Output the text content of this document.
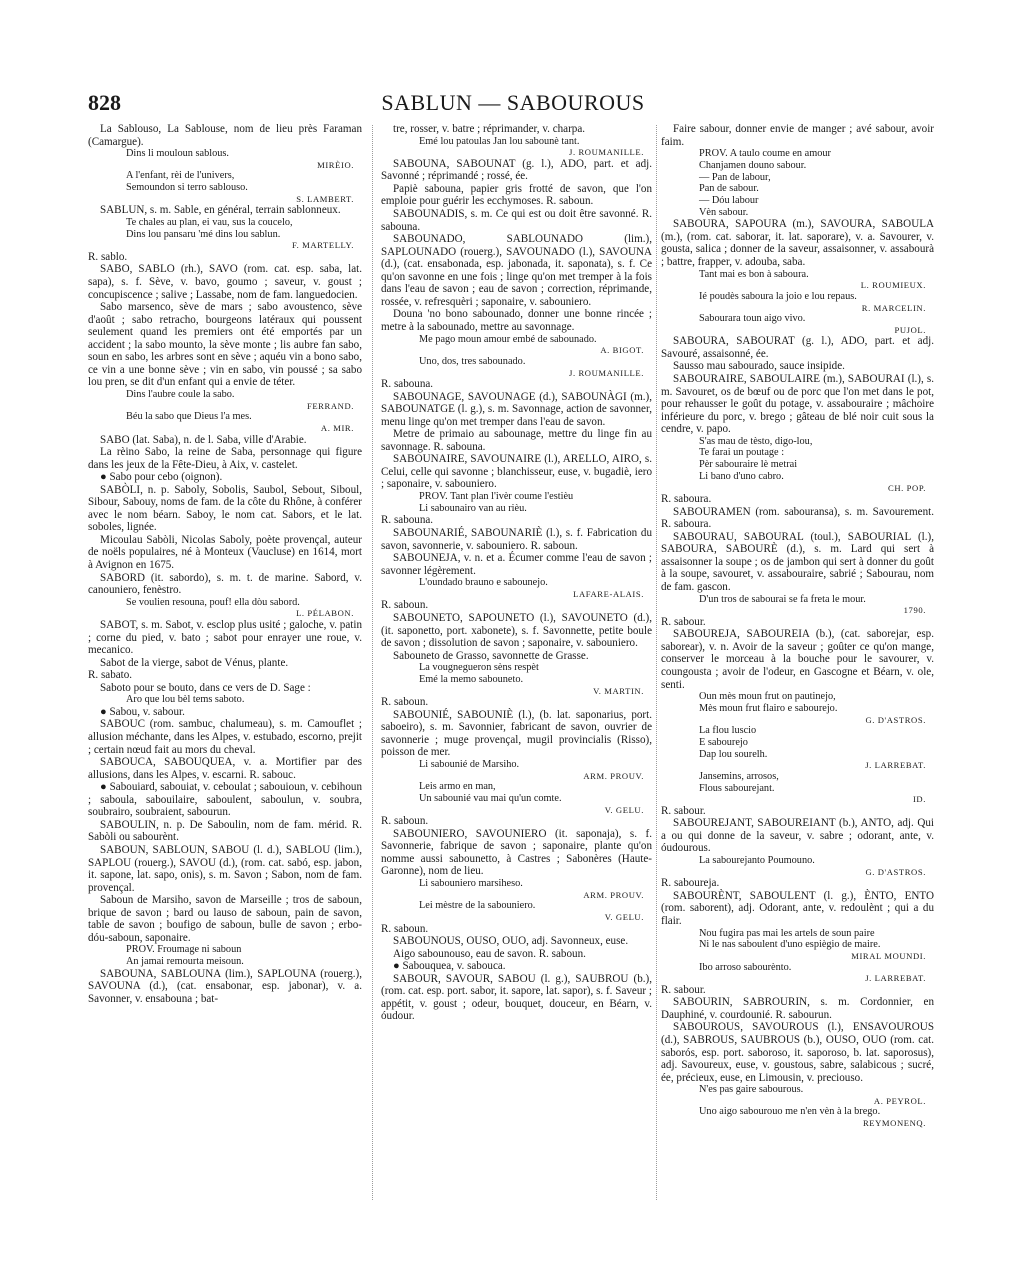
828	SABLUN — SABOUROUS
La Sablouso, La Sablouse, nom de lieu près Faraman (Camargue).
Dins li mouloun sablous.
MIRÈIO.
A l'enfant, rèi de l'univers,
Semoundon si terro sablouso.
S. LAMBERT.
SABLUN, s. m. Sable, en général, terrain sablonneux.
Te chales au plan, ei vau, sus la coucelo,
Dins lou pansaru 'mé dins lou sablun.
F. MARTELLY.
R. sablo.
SABO, SABLO (rh.), SAVO (rom. cat. esp. saba, lat. sapa), s. f. Sève, v. bavo, goumo ; saveur, v. goust ; concupiscence ; salive ; Lassabe, nom de fam. languedocien.
Sabo marsenco, sève de mars ; sabo avoustenco, sève d'août ; sabo retracho, bourgeons latéraux qui poussent seulement quand les premiers ont été emportés par un accident ; la sabo mounto, la sève monte ; lis aubre fan sabo, soun en sabo, les arbres sont en sève ; aquéu vin a bono sabo, ce vin a une bonne sève ; vin en sabo, vin poussé ; sa sabo lou pren, se dit d'un enfant qui a envie de téter.
Dins l'aubre coule la sabo.
FERRAND.
Béu la sabo que Dieus l'a mes.
A. MIR.
SABO (lat. Saba), n. de l. Saba, ville d'Arabie.
La rèino Sabo, la reine de Saba, personnage qui figure dans les jeux de la Fête-Dieu, à Aix, v. castelet.
● Sabo pour cebo (oignon).
SABÒLI, n. p. Saboly, Sobolis, Saubol, Sebout, Siboul, Sibour, Sabouy, noms de fam. de la côte du Rhône, à conférer avec le nom béarn. Saboy, le nom cat. Sabors, et le lat. soboles, lignée.
Micoulau Sabòli, Nicolas Saboly, poète provençal, auteur de noëls populaires, né à Monteux (Vaucluse) en 1614, mort à Avignon en 1675.
SABORD (it. sabordo), s. m. t. de marine. Sabord, v. canouniero, fenèstro.
Se voulien resouna, pouf! ella dòu sabord.
L. PÉLABON.
SABOT, s. m. Sabot, v. esclop plus usité ; galoche, v. patin ; corne du pied, v. bato ; sabot pour enrayer une roue, v. mecanico.
Sabot de la vierge, sabot de Vénus, plante.
R. sabato.
Saboto pour se bouto, dans ce vers de D. Sage :
Aro que lou bèl tems saboto.
● Sabou, v. sabour.
SABOUC (rom. sambuc, chalumeau), s. m. Camouflet ; allusion méchante, dans les Alpes, v. estubado, escorno, prejit ; certain nœud fait au mors du cheval.
SABOUCA, SABOUQUEA, v. a. Mortifier par des allusions, dans les Alpes, v. escarni. R. sabouc.
● Sabouiard, sabouiat, v. ceboulat ; sabouioun, v. cebihoun ; saboula, sabouilaire, saboulent, saboulun, v. soubra, soubrairo, soubraient, sabourun.
SABOULIN, n. p. De Saboulin, nom de fam. mérid. R. Sabòli ou sabourènt.
SABOUN, SABLOUN, SABOU (l. d.), SABLOU (lim.), SAPLOU (rouerg.), SAVOU (d.), (rom. cat. sabó, esp. jabon, it. sapone, lat. sapo, onis), s. m. Savon ; Sabon, nom de fam. provençal.
Saboun de Marsiho, savon de Marseille ; tros de saboun, brique de savon ; bard ou lauso de saboun, pain de savon, table de savon ; boufigo de saboun, bulle de savon ; erbo-dóu-saboun, saponaire.
PROV. Froumage ni saboun
An jamai remourta meisoun.
SABOUNA, SABLOUNA (lim.), SAPLOUNA (rouerg.), SAVOUNA (d.), (cat. ensabonar, esp. jabonar), v. a. Savonner, v. ensabouna ; bat-
tre, rosser, v. batre ; réprimander, v. charpa.
Emé lou patoulas Jan lou sabounè tant.
J. ROUMANILLE.
SABOUNA, SABOUNAT (g. l.), ADO, part. et adj. Savonné ; réprimandé ; rossé, ée.
Papiè sabouna, papier gris frotté de savon, que l'on emploie pour guérir les ecchymoses. R. saboun.
SABOUNADIS, s. m. Ce qui est ou doit être savonné. R. sabouna.
SABOUNADO, SABLOUNADO (lim.), SAPLOUNADO (rouerg.), SAVOUNADO (l.), SAVOUNA (d.), (cat. ensabonada, esp. jabonada, it. saponata), s. f. Ce qu'on savonne en une fois ; linge qu'on met tremper à la fois dans l'eau de savon ; eau de savon ; correction, réprimande, rossée, v. refresquèri ; saponaire, v. sabouniero.
Douna 'no bono sabounado, donner une bonne rincée ; metre à la sabounado, mettre au savonnage.
Me pago moun amour embé de sabounado.
A. BIGOT.
Uno, dos, tres sabounado.
J. ROUMANILLE.
R. sabouna.
SABOUNAGE, SAVOUNAGE (d.), SABOUNÀGI (m.), SABOUNATGE (l. g.), s. m. Savonnage, action de savonner, menu linge qu'on met tremper dans l'eau de savon.
Metre de primaio au sabounage, mettre du linge fin au savonnage. R. sabouna.
SABOUNAIRE, SAVOUNAIRE (l.), ARELLO, AIRO, s. Celui, celle qui savonne ; blanchisseur, euse, v. bugadiè, iero ; saponaire, v. sabouniero.
PROV. Tant plan l'ivèr coume l'estièu
Li sabounairo van au rièu.
R. sabouna.
SABOUNARIÉ, SABOUNARIÈ (l.), s. f. Fabrication du savon, savonnerie, v. sabouniero. R. saboun.
SABOUNEJA, v. n. et a. Écumer comme l'eau de savon ; savonner légèrement.
L'oundado brauno e sabounejo.
LAFARE-ALAIS.
R. saboun.
SABOUNETO, SAPOUNETO (l.), SAVOUNETO (d.), (it. saponetto, port. xabonete), s. f. Savonnette, petite boule de savon ; dissolution de savon ; saponaire, v. sabouniero.
Sabouneto de Grasso, savonnette de Grasse.
La vougnegueron sèns respèt
Emé la memo sabouneto.
V. MARTIN.
R. saboun.
SABOUNIÉ, SABOUNIÈ (l.), (b. lat. saponarius, port. saboeiro), s. m. Savonnier, fabricant de savon, ouvrier de savonnerie ; muge provençal, mugil provincialis (Risso), poisson de mer.
Li sabounié de Marsiho.
ARM. PROUV.
Leis armo en man,
Un sabounié vau mai qu'un comte.
V. GELU.
R. saboun.
SABOUNIERO, SAVOUNIERO (it. saponaja), s. f. Savonnerie, fabrique de savon ; saponaire, plante qu'on nomme aussi sabounetto, à Castres ; Sabonères (Haute-Garonne), nom de lieu.
Li sabouniero marsiheso.
ARM. PROUV.
Lei mèstre de la sabouniero.
V. GELU.
R. saboun.
SABOUNOUS, OUSO, OUO, adj. Savonneux, euse.
Aigo sabounouso, eau de savon. R. saboun.
● Sabouquea, v. sabouca.
SABOUR, SAVOUR, SABOU (l. g.), SAUBROU (b.), (rom. cat. esp. port. sabor, it. sapore, lat. sapor), s. f. Saveur ; appétit, v. goust ; odeur, bouquet, douceur, en Béarn, v. óudour.
Faire sabour, donner envie de manger ; avé sabour, avoir faim.
PROV. A taulo coume en amour
Chanjamen douno sabour.
— Pan de labour,
Pan de sabour.
— Dóu labour
Vèn sabour.
SABOURA, SAPOURA (m.), SAVOURA, SABOULA (m.), (rom. cat. saborar, it. lat. saporare), v. a. Savourer, v. gousta, salica ; donner de la saveur, assaisonner, v. assabourà ; battre, frapper, v. adouba, saba.
Tant mai es bon à saboura.
L. ROUMIEUX.
Ié poudès saboura la joio e lou repaus.
R. MARCELIN.
Sabourara toun aigo vivo.
PUJOL.
SABOURA, SABOURAT (g. l.), ADO, part. et adj. Savouré, assaisonné, ée.
Sausso mau sabourado, sauce insipide.
SABOURAIRE, SABOULAIRE (m.), SABOURAI (l.), s. m. Savouret, os de bœuf ou de porc que l'on met dans le pot, pour rehausser le goût du potage, v. assabouraire ; mâchoire inférieure du porc, v. brego ; gâteau de blé noir cuit sous la cendre, v. papo.
S'as mau de tèsto, digo-lou,
Te farai un poutage :
Pèr sabouraire lè metrai
Li bano d'uno cabro.
CH. POP.
R. saboura.
SABOURAMEN (rom. sabouransa), s. m. Savourement. R. saboura.
SABOURAU, SABOURAL (toul.), SABOURIAL (l.), SABOURA, SABOURÈ (d.), s. m. Lard qui sert à assaisonner la soupe ; os de jambon qui sert à donner du goût à la soupe, savouret, v. assabouraire, sabrié ; Sabourau, nom de fam. gascon.
D'un tros de sabourai se fa freta le mour.
1790.
R. sabour.
SABOUREJA, SABOUREIA (b.), (cat. saborejar, esp. saborear), v. n. Avoir de la saveur ; goûter ce qu'on mange, conserver le morceau à la bouche pour le savourer, v. coungousta ; avoir de l'odeur, en Gascogne et Béarn, v. ole, senti.
Oun mès moun frut on pautinejo,
Mès moun frut flairo e sabourejo.
G. D'ASTROS.
La flou luscio
E sabourejo
Dap lou sourelh.
J. LARREBAT.
Jansemins, arrosos,
Flous sabourejant.
ID.
R. sabour.
SABOUREJANT, SABOUREIANT (b.), ANTO, adj. Qui a ou qui donne de la saveur, v. sabre ; odorant, ante, v. óudourous.
La sabourejanto Poumouno.
G. D'ASTROS.
R. sabourejа.
SABOURÈNT, SABOULENT (l. g.), ÈNTO, ENTO (rom. saborent), adj. Odorant, ante, v. redoulènt ; qui a du flair.
Nou fugira pas mai les artels de soun paire
Ni le nas saboulent d'uno espiègio de maire.
MIRAL MOUNDI.
Ibo arroso sabourènto.
J. LARREBAT.
R. sabour.
SABOURIN, SABROURIN, s. m. Cordonnier, en Dauphiné, v. courdounié. R. sabourun.
SABOUROUS, SAVOUROUS (l.), ENSAVOUROUS (d.), SABROUS, SAUBROUS (b.), OUSO, OUO (rom. cat. saborós, esp. port. saboroso, it. saporoso, b. lat. saporosus), adj. Savoureux, euse, v. goustous, sabre, salabicous ; sucré, ée, précieux, euse, en Limousin, v. preciouso.
N'es pas gaire sabourous.
A. PEYROL.
Uno aigo sabourouo me n'en vèn à la brego.
REYMONENQ.
